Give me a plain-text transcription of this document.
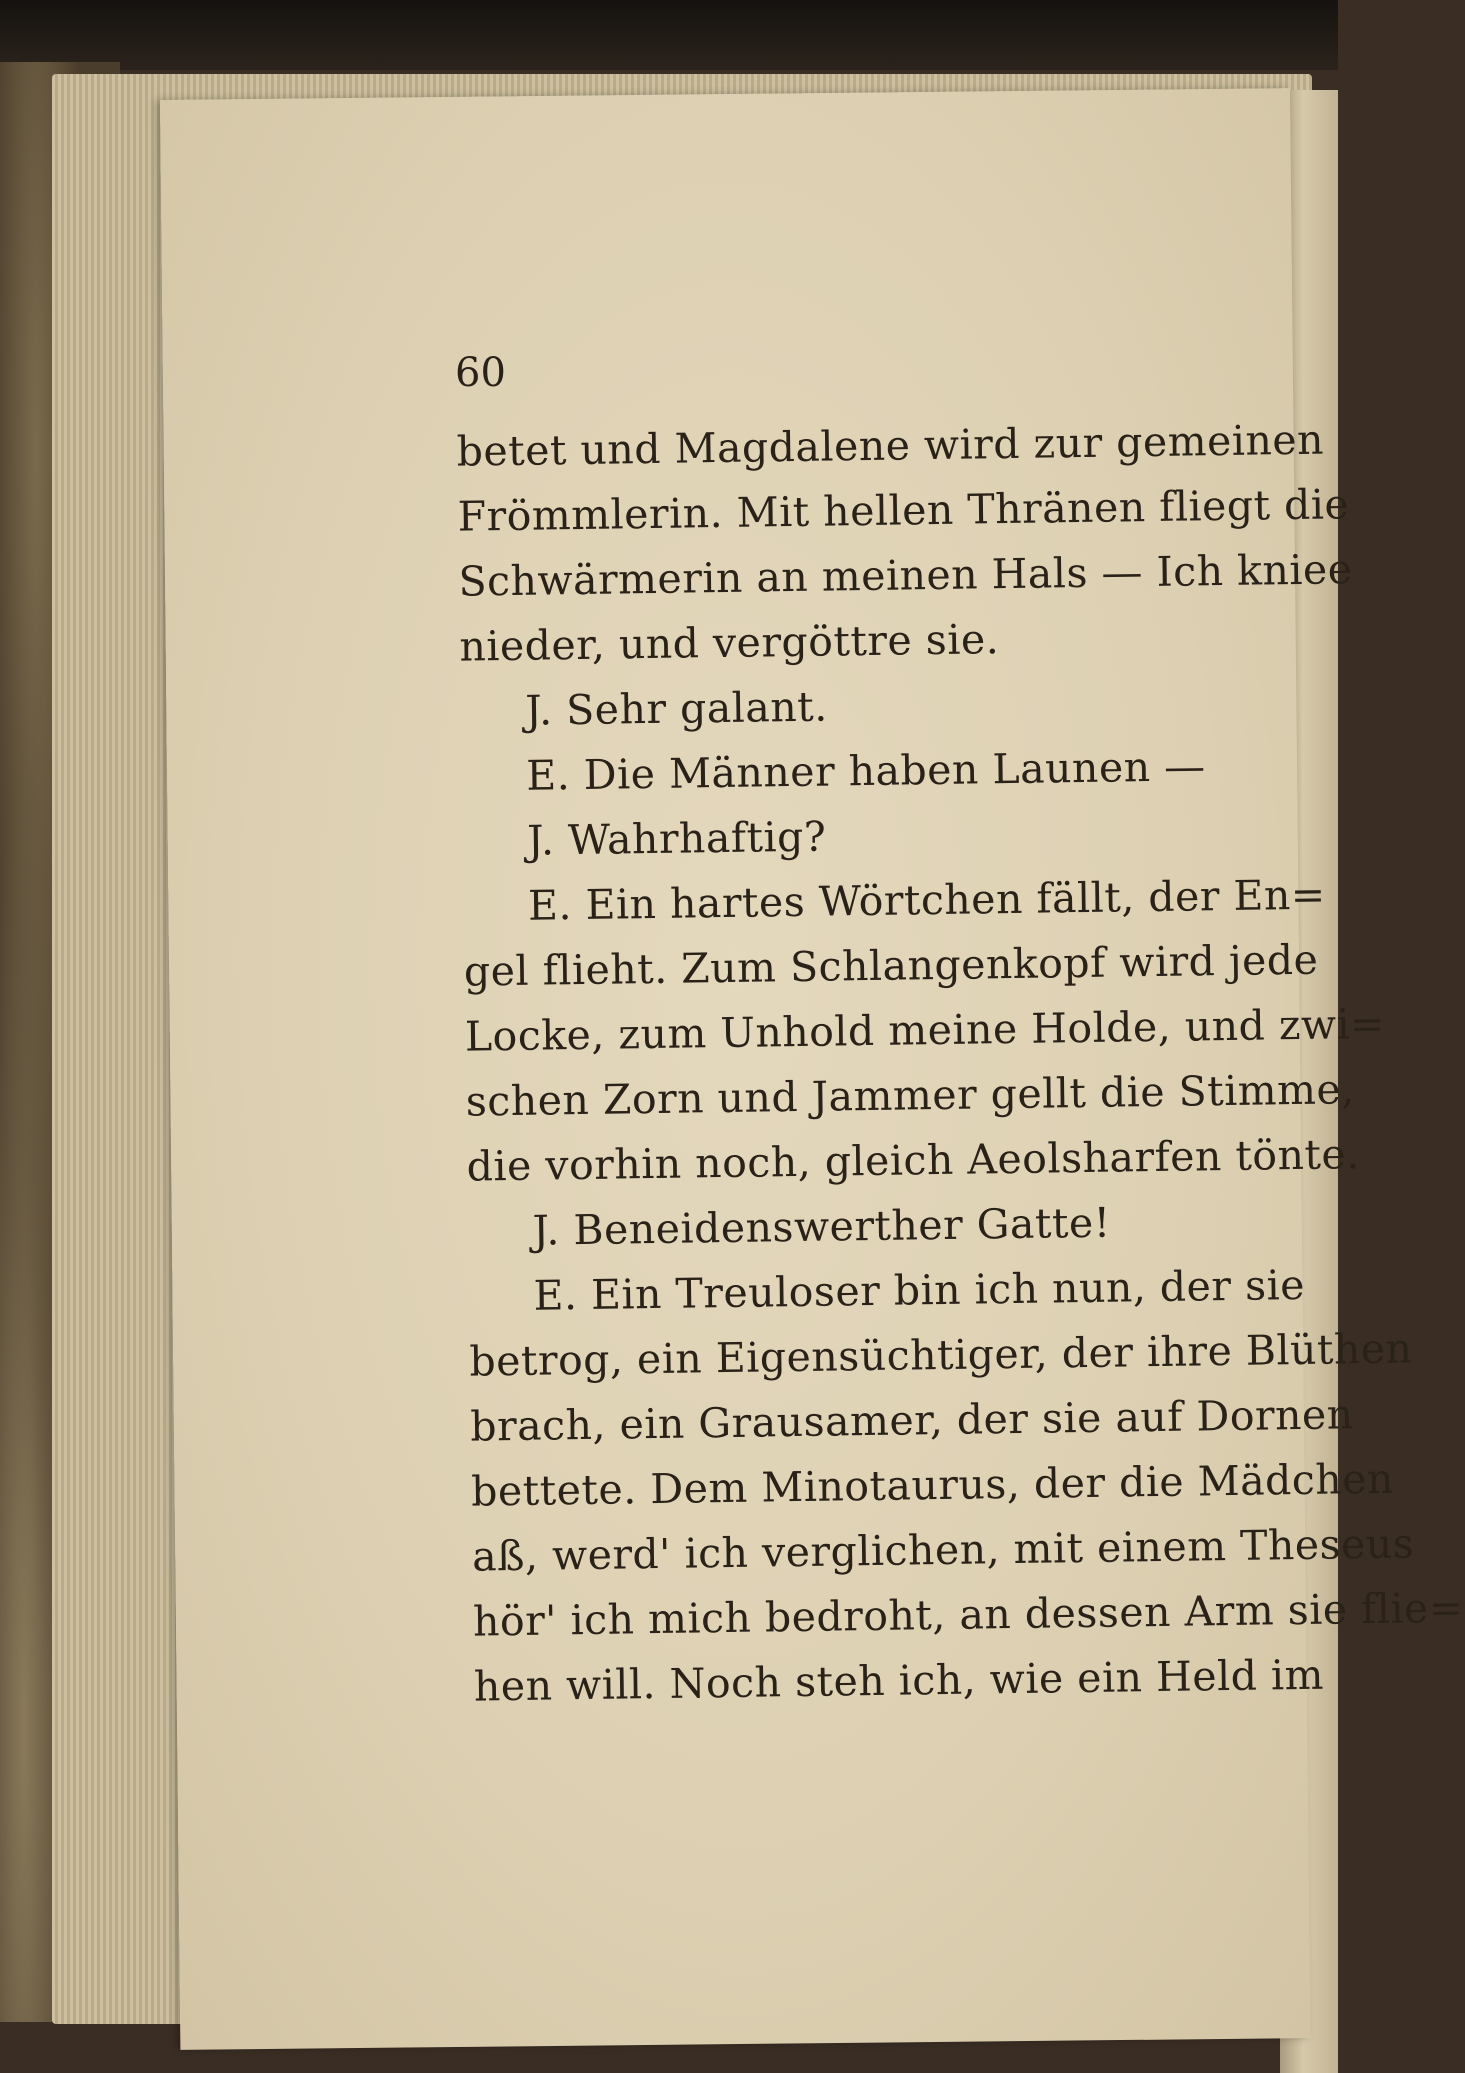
60
betet und Magdalene wird zur gemeinen
Frömmlerin. Mit hellen Thränen fliegt die
Schwärmerin an meinen Hals — Ich kniee
nieder, und vergöttre sie.
J. Sehr galant.
E. Die Männer haben Launen —
J. Wahrhaftig?
E. Ein hartes Wörtchen fällt, der En=
gel flieht. Zum Schlangenkopf wird jede
Locke, zum Unhold meine Holde, und zwi=
schen Zorn und Jammer gellt die Stimme,
die vorhin noch, gleich Aeolsharfen tönte.
J. Beneidenswerther Gatte!
E. Ein Treuloser bin ich nun, der sie
betrog, ein Eigensüchtiger, der ihre Blüthen
brach, ein Grausamer, der sie auf Dornen
bettete. Dem Minotaurus, der die Mädchen
aß, werd' ich verglichen, mit einem Theseus
hör' ich mich bedroht, an dessen Arm sie flie=
hen will. Noch steh ich, wie ein Held im
